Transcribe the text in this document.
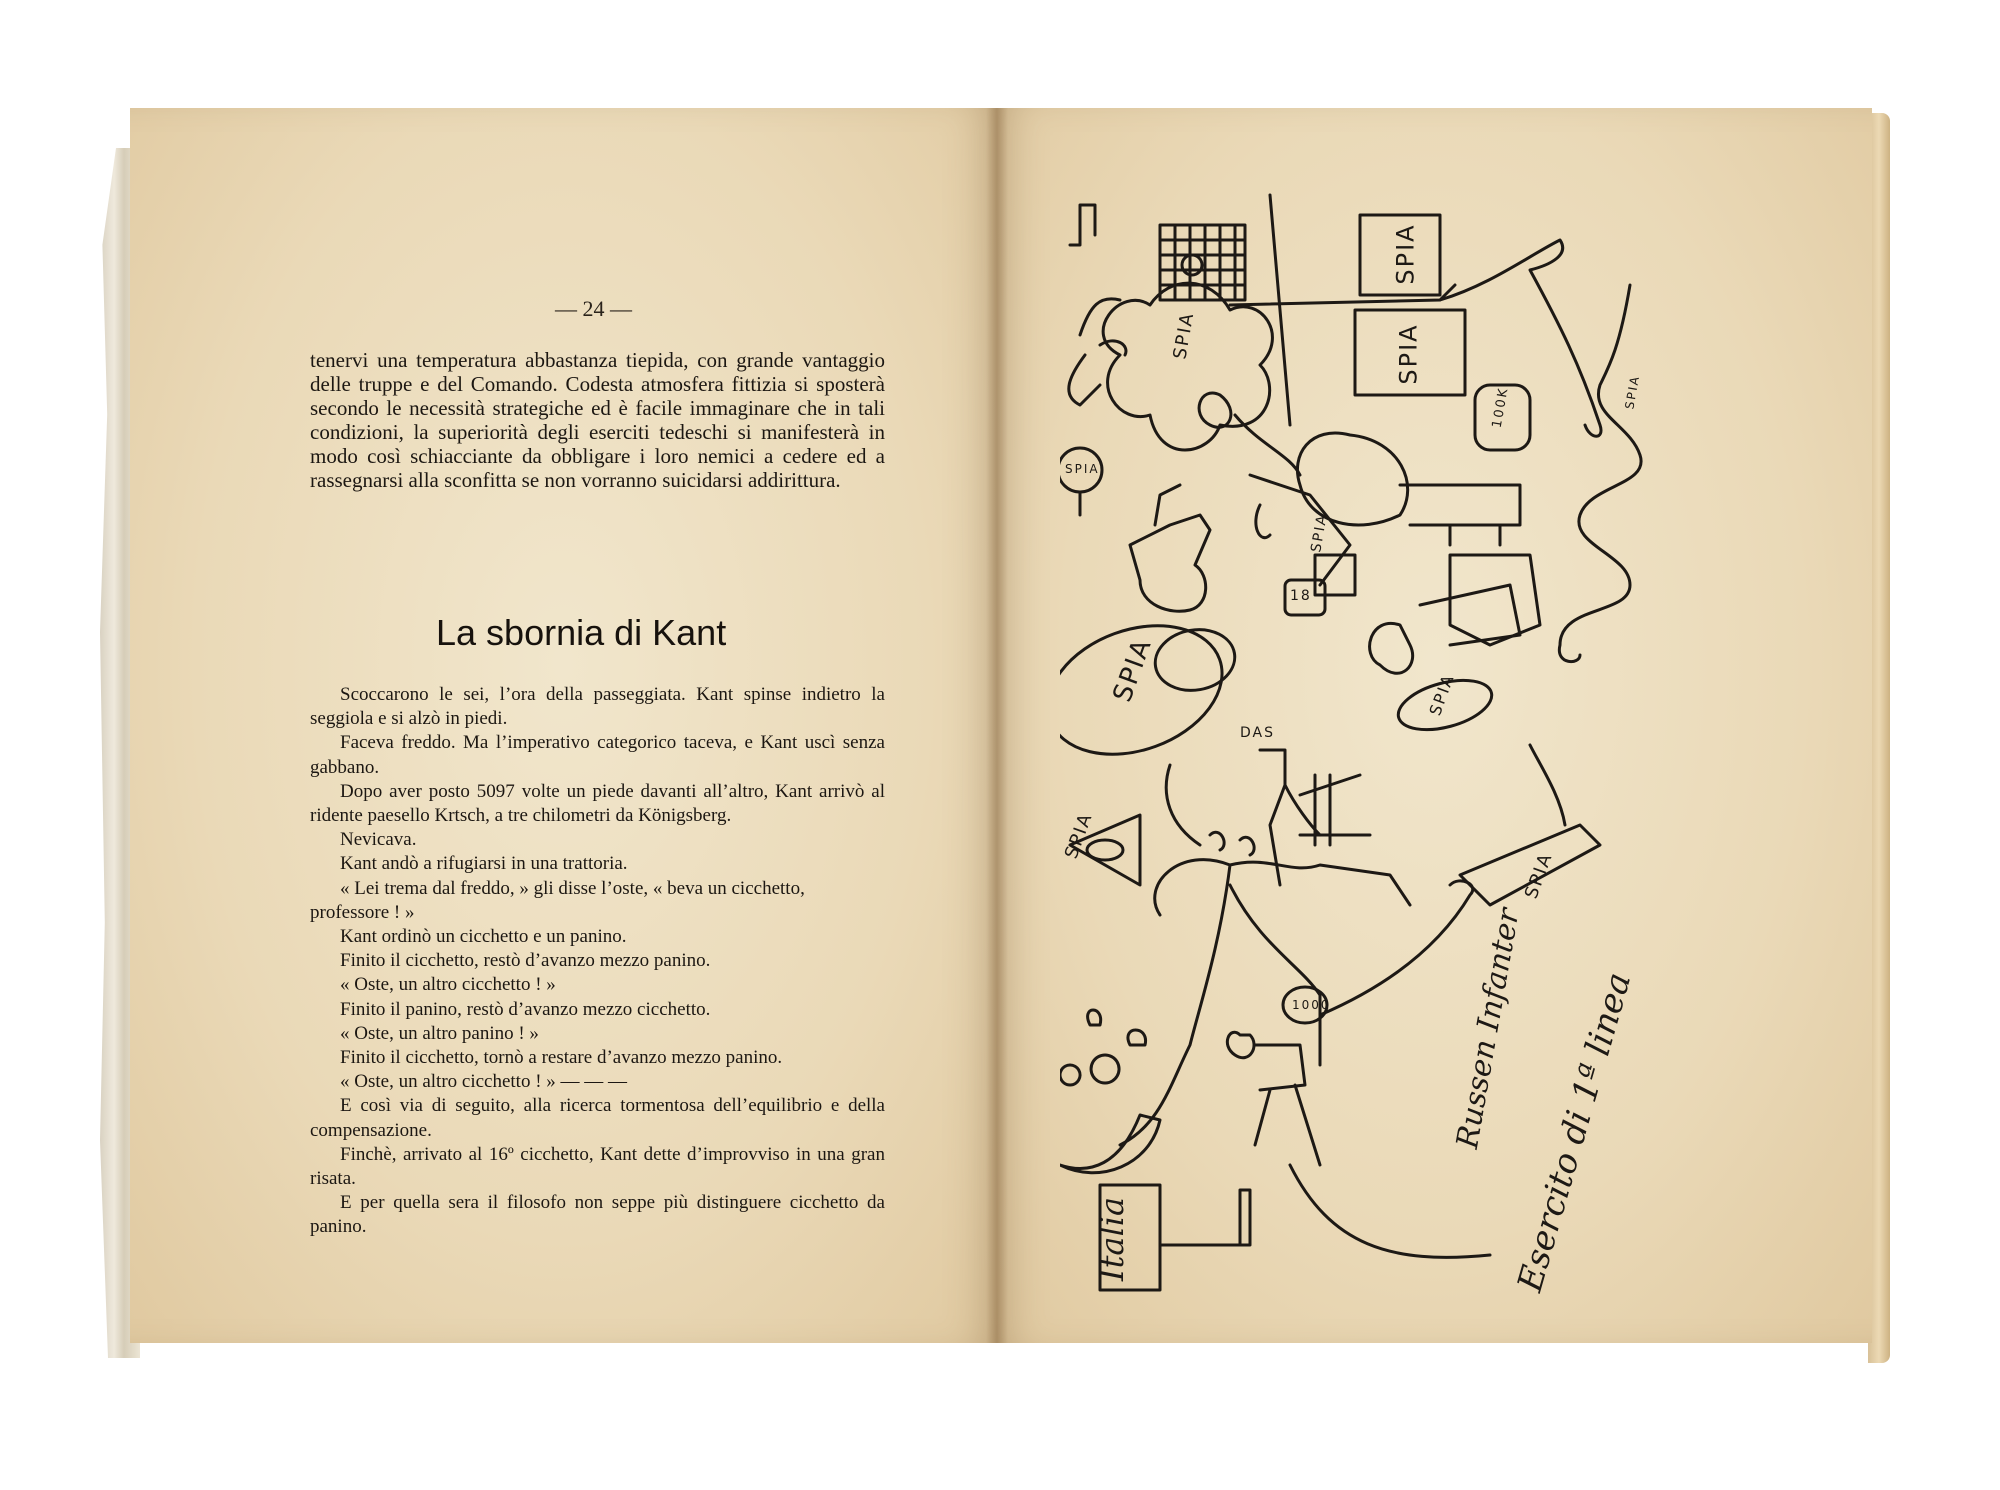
— 24 —
tenervi una temperatura abbastanza tiepida, con grande vantaggio delle truppe e del Comando. Codesta atmosfera fittizia si sposterà secondo le necessità strategiche ed è facile immaginare che in tali condizioni, la superiorità degli eserciti tedeschi si manifesterà in modo così schiacciante da obbligare i loro nemici a cedere ed a rassegnarsi alla sconfitta se non vorranno suicidarsi addirittura.
La sbornia di Kant

Scoccarono le sei, l’ora della passeggiata. Kant spinse indietro la seggiola e si alzò in piedi.

Faceva freddo. Ma l’imperativo categorico taceva, e Kant uscì senza gabbano.

Dopo aver posto 5097 volte un piede davanti all’altro, Kant arrivò al ridente paesello Krtsch, a tre chilometri da Königsberg.

Nevicava.

Kant andò a rifugiarsi in una trattoria.

« Lei trema dal freddo, » gli disse l’oste, « beva un cicchetto,

professore ! »

Kant ordinò un cicchetto e un panino.

Finito il cicchetto, restò d’avanzo mezzo panino.

« Oste, un altro cicchetto ! »

Finito il panino, restò d’avanzo mezzo cicchetto.

« Oste, un altro panino ! »

Finito il cicchetto, tornò a restare d’avanzo mezzo panino.

« Oste, un altro cicchetto ! » — — —

E così via di seguito, alla ricerca tormentosa dell’equilibrio e della compensazione.

Finchè, arrivato al 16º cicchetto, Kant dette d’improvviso in una gran risata.

E per quella sera il filosofo non seppe più distinguere cicchetto da panino.

SPIA
SPIA
SPIA
SPIA
SPIA
SPIA
SPIA
SPIA
SPIA
SPIA
100K
18
DAS
1000
Italia
Russen Infanter
Esercito di 1ª linea
